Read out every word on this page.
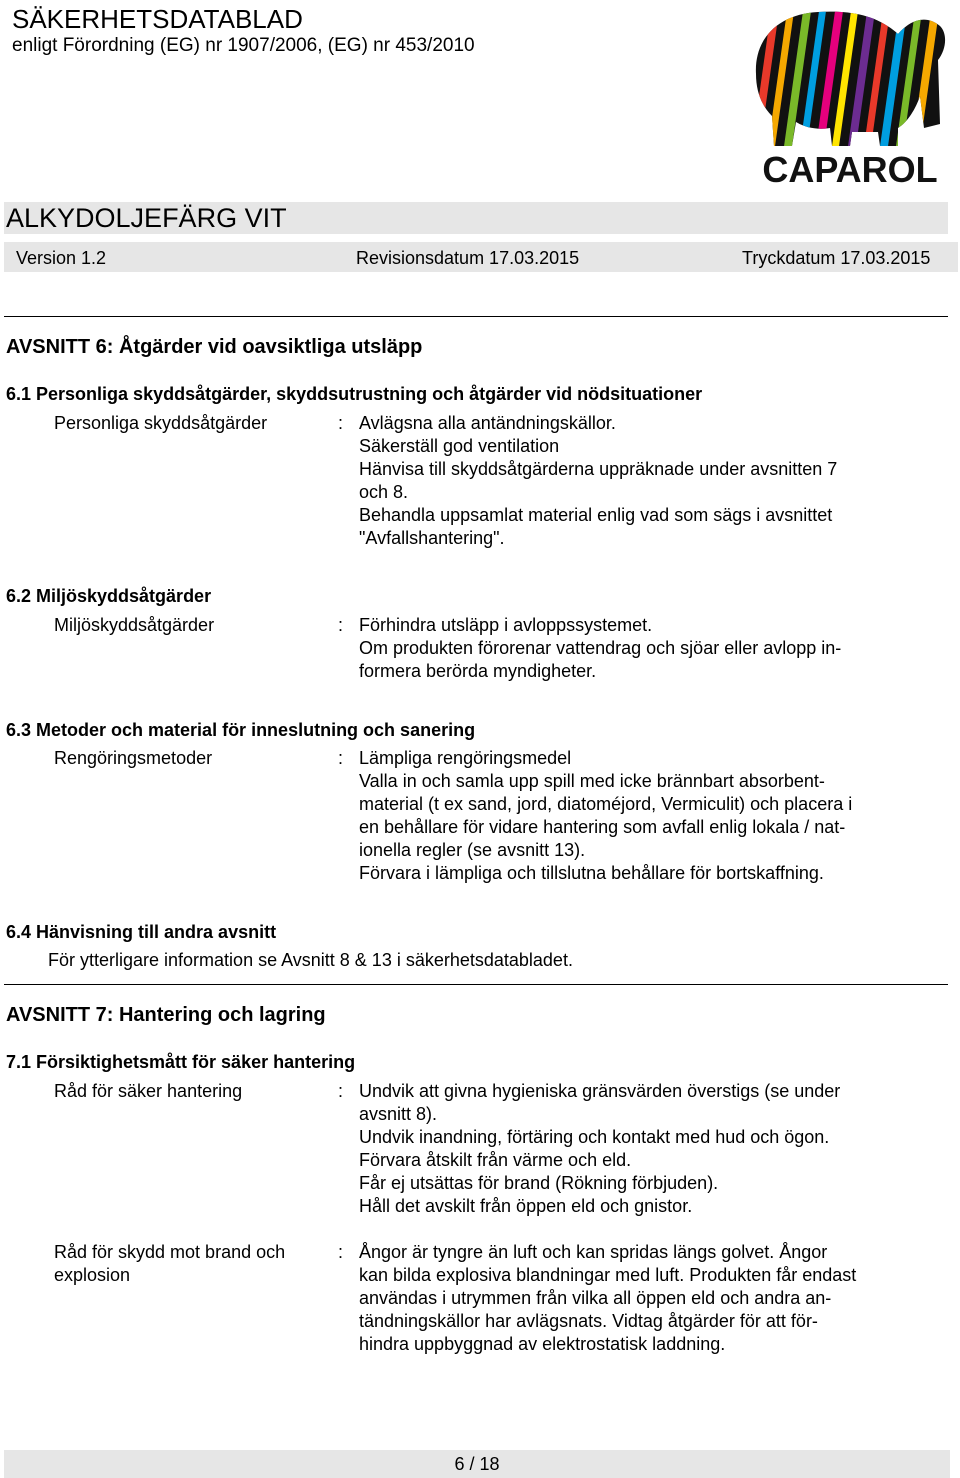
SÄKERHETSDATABLAD
enligt Förordning (EG) nr 1907/2006, (EG) nr 453/2010
CAPAROL
ALKYDOLJEFÄRG VIT
Version 1.2	Revisionsdatum 17.03.2015	Tryckdatum 17.03.2015
AVSNITT 6: Åtgärder vid oavsiktliga utsläpp
6.1 Personliga skyddsåtgärder, skyddsutrustning och åtgärder vid nödsituationer
Personliga skyddsåtgärder	: Avlägsna alla antändningskällor.
Säkerställ god ventilation
Hänvisa till skyddsåtgärderna uppräknade under avsnitten 7
och 8.
Behandla uppsamlat material enlig vad som sägs i avsnittet
"Avfallshantering".
6.2 Miljöskyddsåtgärder
Miljöskyddsåtgärder	: Förhindra utsläpp i avloppssystemet.
Om produkten förorenar vattendrag och sjöar eller avlopp in-
formera berörda myndigheter.
6.3 Metoder och material för inneslutning och sanering
Rengöringsmetoder	: Lämpliga rengöringsmedel
Valla in och samla upp spill med icke brännbart absorbent-
material (t ex sand, jord, diatoméjord, Vermiculit) och placera i
en behållare för vidare hantering som avfall enlig lokala / nat-
ionella regler (se avsnitt 13).
Förvara i lämpliga och tillslutna behållare för bortskaffning.
6.4 Hänvisning till andra avsnitt
För ytterligare information se Avsnitt 8 & 13 i säkerhetsdatabladet.
AVSNITT 7: Hantering och lagring
7.1 Försiktighetsmått för säker hantering
Råd för säker hantering	: Undvik att givna hygieniska gränsvärden överstigs (se under
avsnitt 8).
Undvik inandning, förtäring och kontakt med hud och ögon.
Förvara åtskilt från värme och eld.
Får ej utsättas för brand (Rökning förbjuden).
Håll det avskilt från öppen eld och gnistor.
Råd för skydd mot brand och explosion
: Ångor är tyngre än luft och kan spridas längs golvet. Ångor
kan bilda explosiva blandningar med luft. Produkten får endast
användas i utrymmen från vilka all öppen eld och andra an-
tändningskällor har avlägsnats. Vidtag åtgärder för att för-
hindra uppbyggnad av elektrostatisk laddning.
6 / 18
